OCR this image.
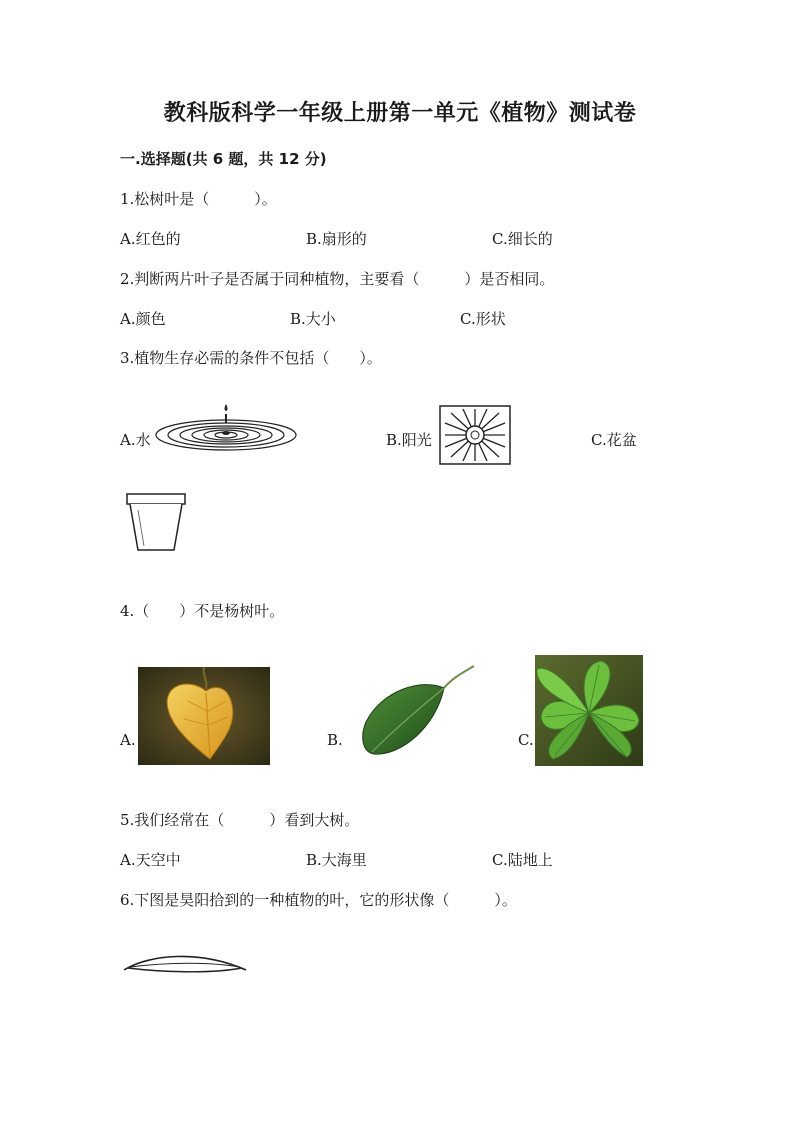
教科版科学一年级上册第一单元《植物》测试卷
一.选择题(共 6 题，共 12 分)
1.松树叶是（　　　）。
A.红色的	B.扇形的	C.细长的
2.判断两片叶子是否属于同种植物，主要看（　　　）是否相同。
A.颜色	B.大小	C.形状
3.植物生存必需的条件不包括（　　）。
A.水	B.阳光	C.花盆
4.（　　）不是杨树叶。
A.	B.	C.
5.我们经常在（　　　）看到大树。
A.天空中	B.大海里	C.陆地上
6.下图是昊阳拾到的一种植物的叶，它的形状像（　　　）。
